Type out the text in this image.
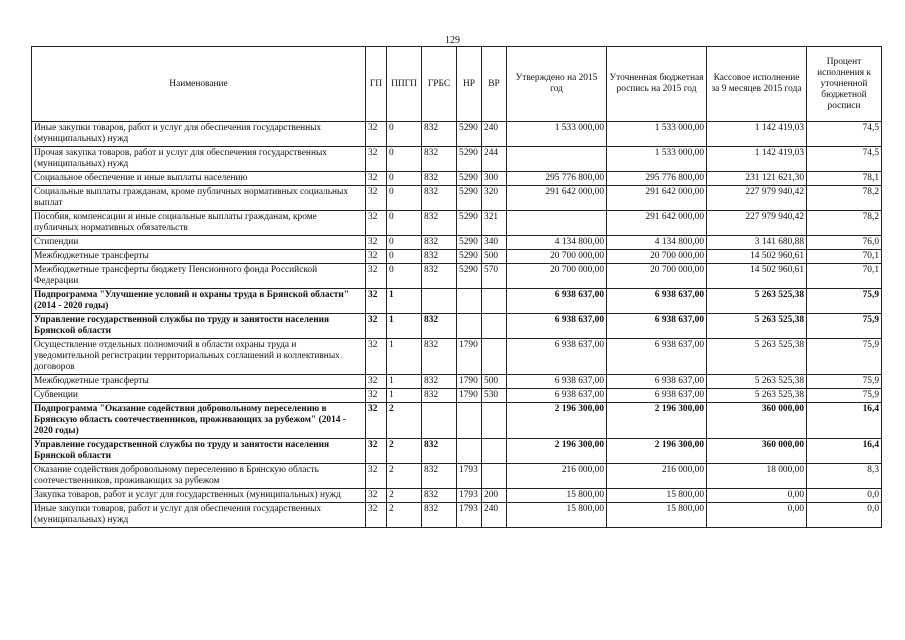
129
Наименование	ГП	ППГП	ГРБС	НР	ВР	Утверждено на 2015 год	Уточненная бюджетная роспись на 2015 год	Кассовое исполнение за 9 месяцев 2015 года	Процент исполнения к уточненной бюджетной росписи
Иные закупки товаров, работ и услуг для обеспечения государственных (муниципальных) нужд	32	0	832	5290	240	1 533 000,00	1 533 000,00	1 142 419,03	74,5
Прочая закупка товаров, работ и услуг для обеспечения государственных (муниципальных) нужд	32	0	832	5290	244		1 533 000,00	1 142 419,03	74,5
Социальное обеспечение и иные выплаты населению	32	0	832	5290	300	295 776 800,00	295 776 800,00	231 121 621,30	78,1
Социальные выплаты гражданам, кроме публичных нормативных социальных выплат	32	0	832	5290	320	291 642 000,00	291 642 000,00	227 979 940,42	78,2
Пособия, компенсации и иные социальные выплаты гражданам, кроме публичных нормативных обязательств	32	0	832	5290	321		291 642 000,00	227 979 940,42	78,2
Стипендии	32	0	832	5290	340	4 134 800,00	4 134 800,00	3 141 680,88	76,0
Межбюджетные трансферты	32	0	832	5290	500	20 700 000,00	20 700 000,00	14 502 960,61	70,1
Межбюджетные трансферты бюджету Пенсионного фонда Российской Федерации	32	0	832	5290	570	20 700 000,00	20 700 000,00	14 502 960,61	70,1
Подпрограмма "Улучшение условий и охраны труда в Брянской области" (2014 - 2020 годы)	32	1				6 938 637,00	6 938 637,00	5 263 525,38	75,9
Управление государственной службы по труду и занятости населения Брянской области	32	1	832			6 938 637,00	6 938 637,00	5 263 525,38	75,9
Осуществление отдельных полномочий в области охраны труда и уведомительной регистрации территориальных соглашений и коллективных договоров	32	1	832	1790		6 938 637,00	6 938 637,00	5 263 525,38	75,9
Межбюджетные трансферты	32	1	832	1790	500	6 938 637,00	6 938 637,00	5 263 525,38	75,9
Субвенции	32	1	832	1790	530	6 938 637,00	6 938 637,00	5 263 525,38	75,9
Подпрограмма "Оказание содействия добровольному переселению в Брянскую область соотечественников, проживающих за рубежом" (2014 - 2020 годы)	32	2				2 196 300,00	2 196 300,00	360 000,00	16,4
Управление государственной службы по труду и занятости населения Брянской области	32	2	832			2 196 300,00	2 196 300,00	360 000,00	16,4
Оказание содействия добровольному переселению в Брянскую область соотечественников, проживающих за рубежом	32	2	832	1793		216 000,00	216 000,00	18 000,00	8,3
Закупка товаров, работ и услуг для государственных (муниципальных) нужд	32	2	832	1793	200	15 800,00	15 800,00	0,00	0,0
Иные закупки товаров, работ и услуг для обеспечения государственных (муниципальных) нужд	32	2	832	1793	240	15 800,00	15 800,00	0,00	0,0
